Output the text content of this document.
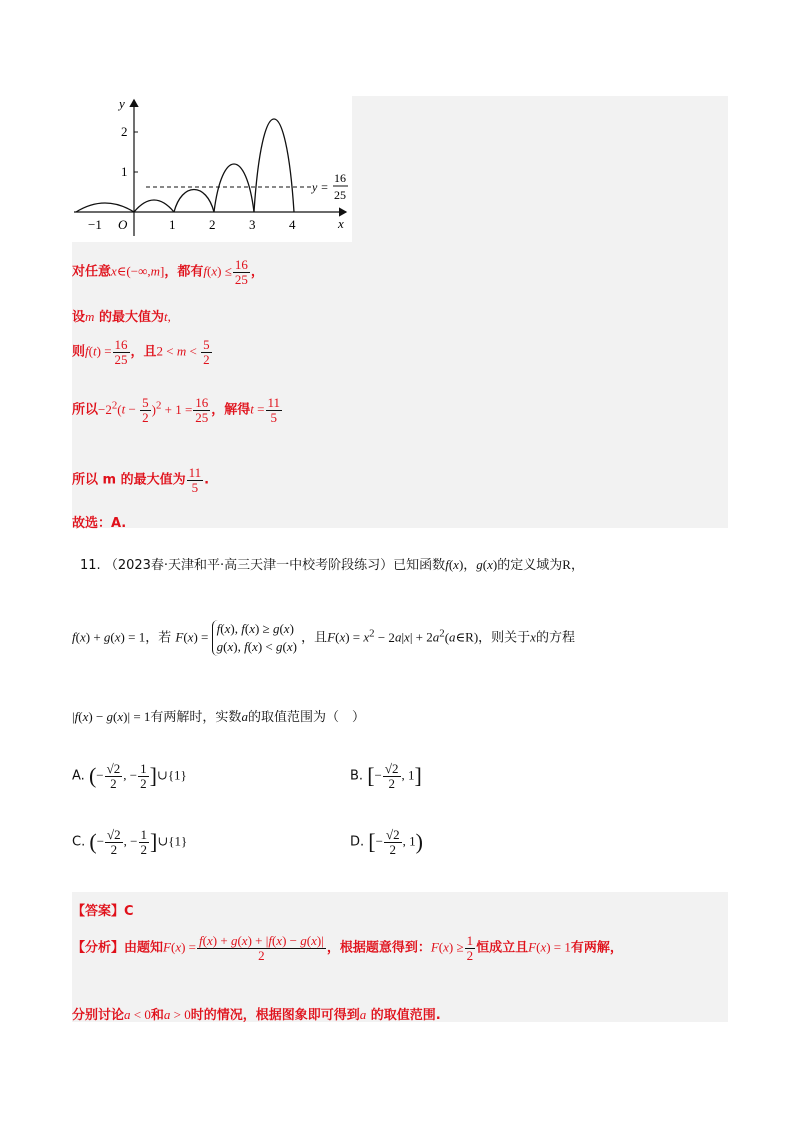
y
x
O
2
1
−1	1	2	3	4
y =
16
25
对任意x∈(−∞,m]，都有$f(x) \le \frac{16}{25}$ ，
设m 的最大值为t,
则$f(t) = \frac{16}{25}$ ，且$2 < m < \frac{5}{2}$
所以$-2^2(t - \frac{5}{2} )^2 + 1 = \frac{16}{25}$ ，解得$t = \frac{11}{5}$
所以 m 的最大值为 $\frac{11}{5}$ .
故选：A.
11. （2023春·天津和平·高三天津一中校考阶段练习）已知函数f(x)，g(x)的定义域为R，
f(x) + g(x) = 1，若 F(x) =
f(x), f(x) ≥ g(x)
g(x), f(x) < g(x)
，且$F(x) = x^2 - 2a|x|$ + $2a^2(a\in R)$，则关于x的方程
|f(x) − g(x)| = 1有两解时，实数a的取值范围为（　）
A. (− $\frac{√2}{2}$ , − $\frac{1}{2}$ ]∪{1}	B. [− $\frac{√2}{2}$ , 1]
C. (− $\frac{√2}{2}$ , − $\frac{1}{2}$ ]∪{1}	D. [− $\frac{√2}{2}$ , 1)
【答案】C
【分析】由题知$F(x) = \frac{f(x) + g(x) + |f(x) - g(x)|}{2}$ ，根据题意得到：$F(x) \ge \frac{1}{2}$ 恒成立且F(x) = 1有两解，
分别讨论a < 0和a > 0时的情况，根据图象即可得到a 的取值范围.
